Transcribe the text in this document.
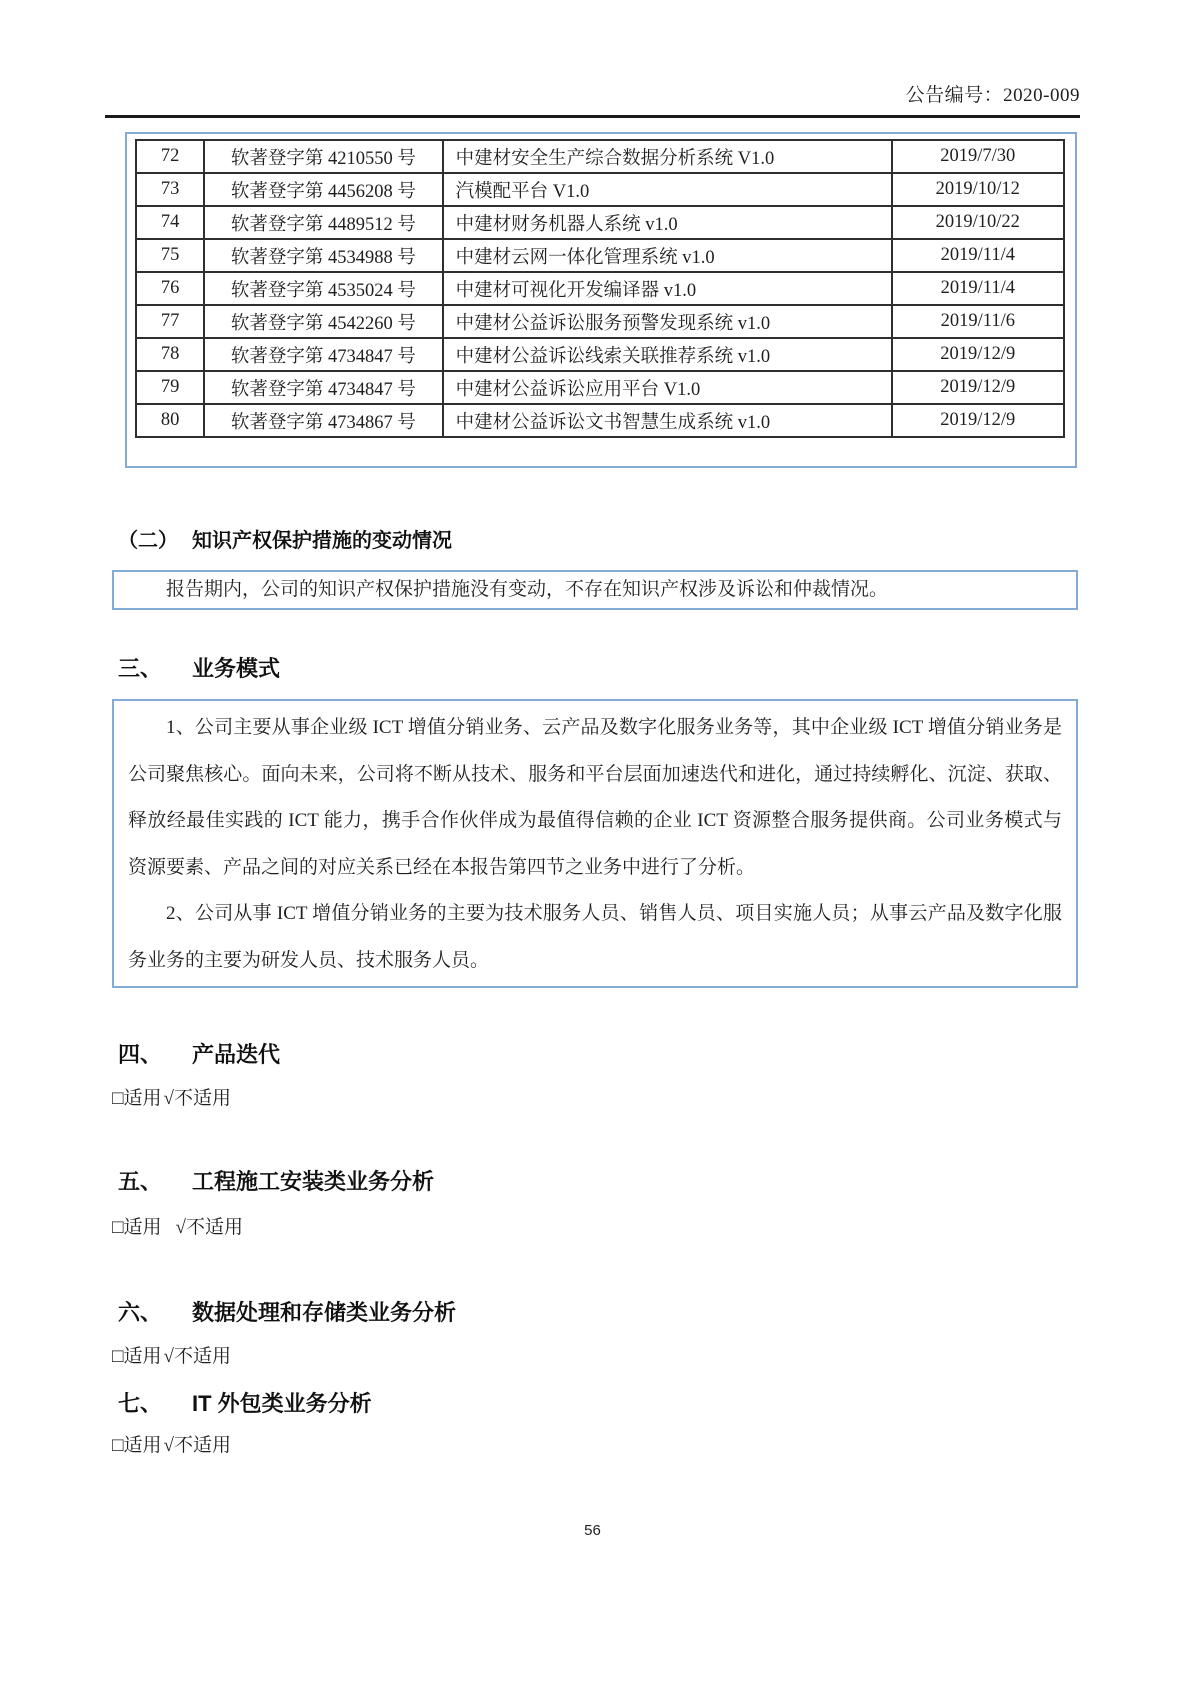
公告编号：2020-009
72	软著登字第 4210550 号	中建材安全生产综合数据分析系统 V1.0	2019/7/30
73	软著登字第 4456208 号	汽模配平台 V1.0	2019/10/12
74	软著登字第 4489512 号	中建材财务机器人系统 v1.0	2019/10/22
75	软著登字第 4534988 号	中建材云网一体化管理系统 v1.0	2019/11/4
76	软著登字第 4535024 号	中建材可视化开发编译器 v1.0	2019/11/4
77	软著登字第 4542260 号	中建材公益诉讼服务预警发现系统 v1.0	2019/11/6
78	软著登字第 4734847 号	中建材公益诉讼线索关联推荐系统 v1.0	2019/12/9
79	软著登字第 4734847 号	中建材公益诉讼应用平台 V1.0	2019/12/9
80	软著登字第 4734867 号	中建材公益诉讼文书智慧生成系统 v1.0	2019/12/9
（二） 知识产权保护措施的变动情况

报告期内，公司的知识产权保护措施没有变动，不存在知识产权涉及诉讼和仲裁情况。

三、 业务模式

1、公司主要从事企业级 ICT 增值分销业务、云产品及数字化服务业务等，其中企业级 ICT 增值分销业务是公司聚焦核心。面向未来，公司将不断从技术、服务和平台层面加速迭代和进化，通过持续孵化、沉淀、获取、释放经最佳实践的 ICT 能力，携手合作伙伴成为最值得信赖的企业 ICT 资源整合服务提供商。公司业务模式与资源要素、产品之间的对应关系已经在本报告第四节之业务中进行了分析。

2、公司从事 ICT 增值分销业务的主要为技术服务人员、销售人员、项目实施人员；从事云产品及数字化服务业务的主要为研发人员、技术服务人员。

四、 产品迭代
□适用 √不适用
五、 工程施工安装类业务分析
□适用 √不适用
六、 数据处理和存储类业务分析
□适用 √不适用
七、 IT 外包类业务分析
□适用 √不适用
56
